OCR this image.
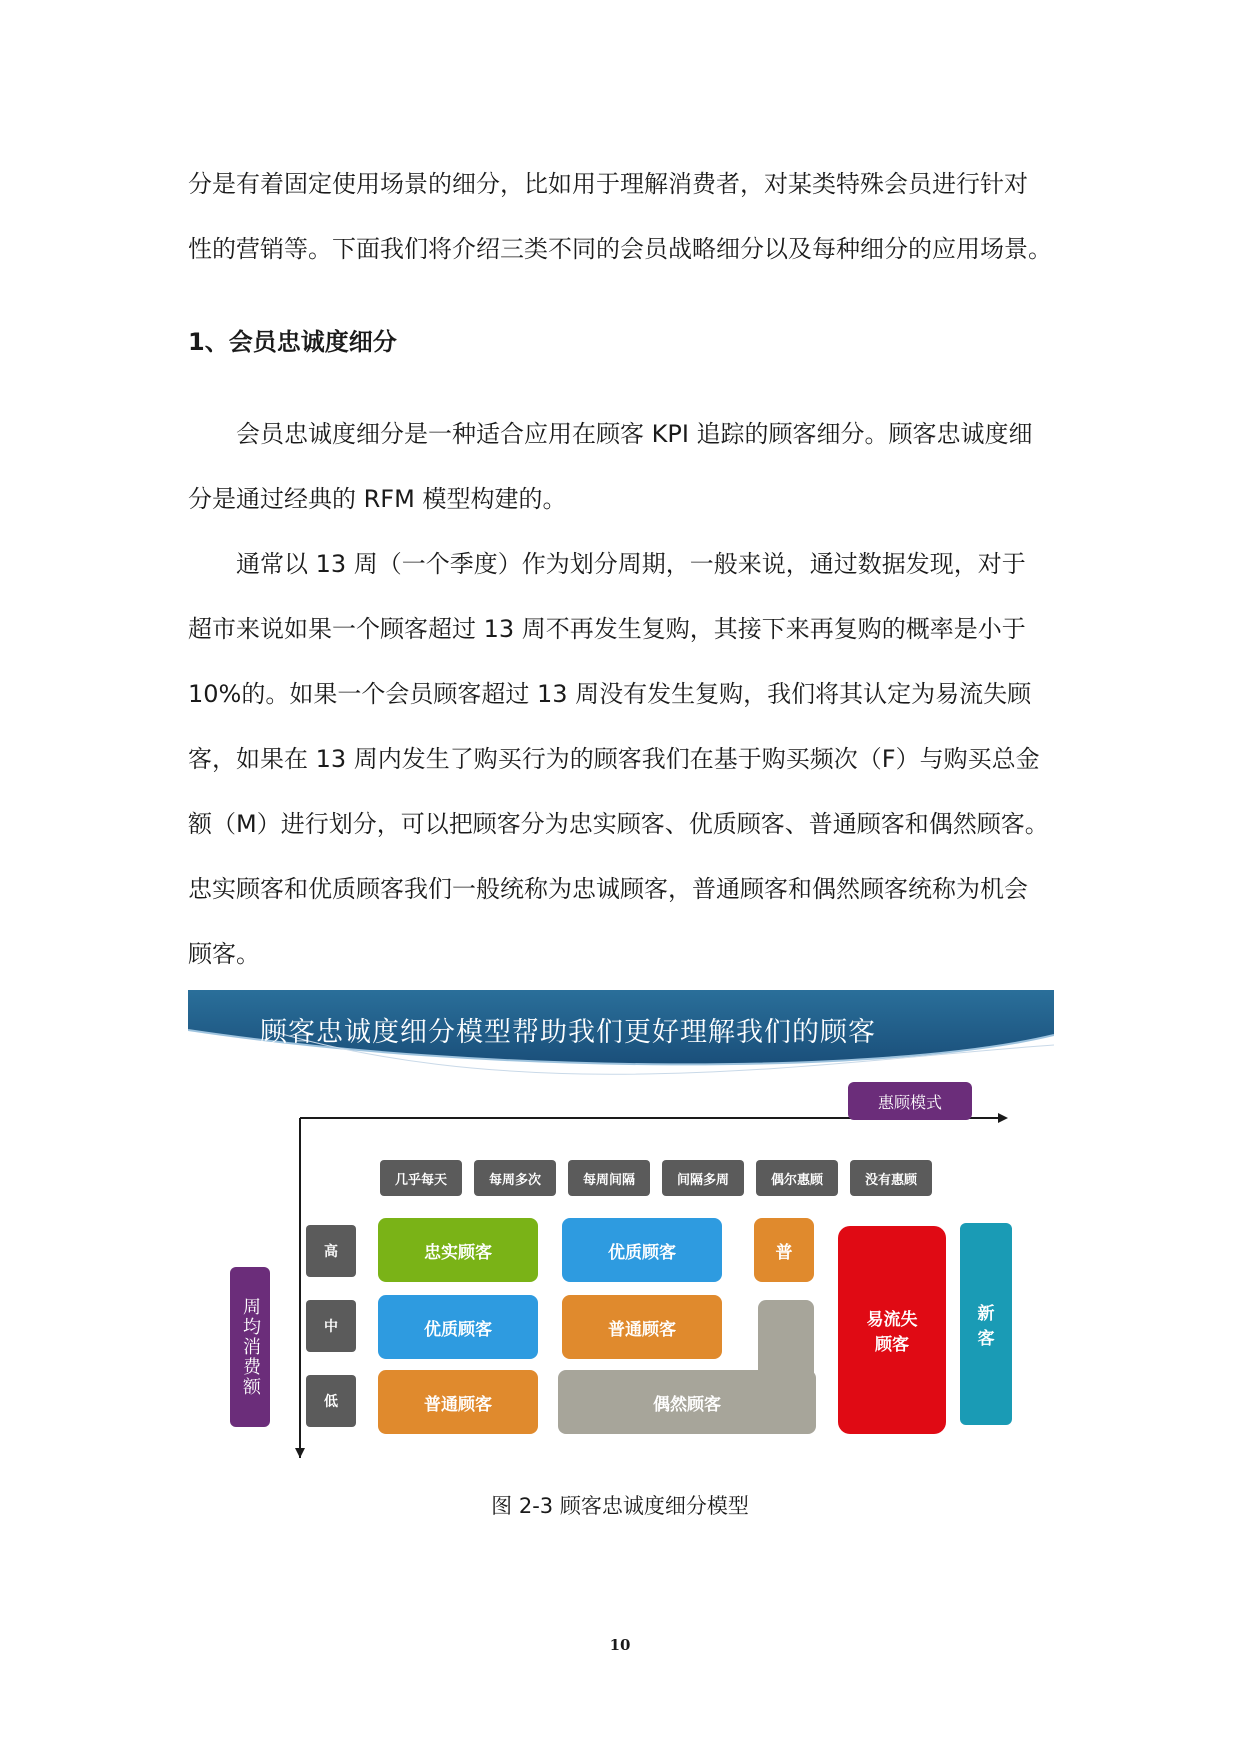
分是有着固定使用场景的细分，比如用于理解消费者，对某类特殊会员进行针对
性的营销等。下面我们将介绍三类不同的会员战略细分以及每种细分的应用场景。
1、会员忠诚度细分
会员忠诚度细分是一种适合应用在顾客 KPI 追踪的顾客细分。顾客忠诚度细
分是通过经典的 RFM 模型构建的。
通常以 13 周（一个季度）作为划分周期，一般来说，通过数据发现，对于
超市来说如果一个顾客超过 13 周不再发生复购，其接下来再复购的概率是小于
10%的。如果一个会员顾客超过 13 周没有发生复购，我们将其认定为易流失顾
客，如果在 13 周内发生了购买行为的顾客我们在基于购买频次（F）与购买总金
额（M）进行划分，可以把顾客分为忠实顾客、优质顾客、普通顾客和偶然顾客。
忠实顾客和优质顾客我们一般统称为忠诚顾客，普通顾客和偶然顾客统称为机会
顾客。
顾客忠诚度细分模型帮助我们更好理解我们的顾客
惠顾模式
周均消费额
几乎每天	每周多次	每周间隔	间隔多周	偶尔惠顾	没有惠顾
高
中
低
忠实顾客	优质顾客	普
优质顾客	普通顾客
普通顾客	偶然顾客
易流失
顾客
新
客
图 2-3 顾客忠诚度细分模型
10
